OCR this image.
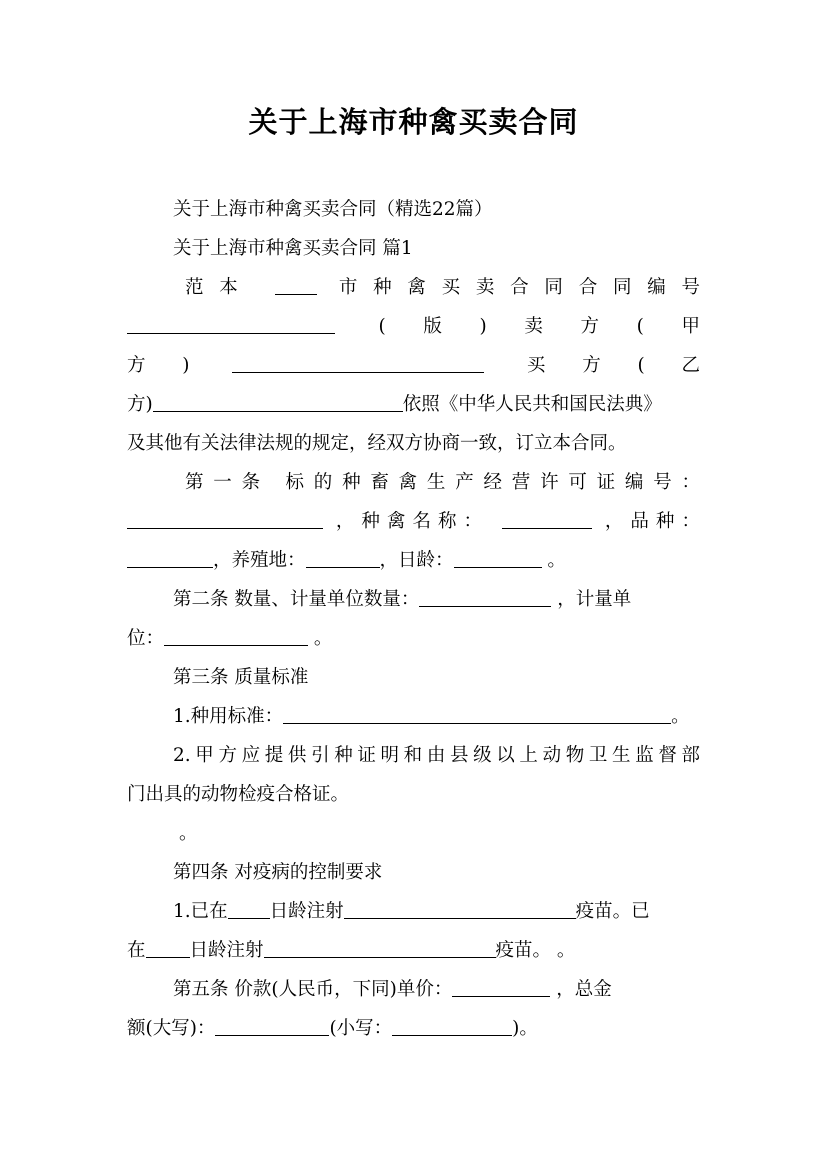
关于上海市种禽买卖合同
关于上海市种禽买卖合同（精选22篇）
关于上海市种禽买卖合同 篇1
范本	市种禽买卖合同合同编号
(版)卖方(甲
方)	买方(乙
方)	依照《中华人民共和国民法典》
及其他有关法律法规的规定，经双方协商一致，订立本合同。
第一条 标的种畜禽生产经营许可证编号：
，种禽名称：	，品种：
，养殖地：	，日龄：	。
第二条 数量、计量单位数量：	，计量单
位：	。
第三条 质量标准
1.种用标准：	。
2.甲方应提供引种证明和由县级以上动物卫生监督部
门出具的动物检疫合格证。
。
第四条 对疫病的控制要求
1.已在 日龄注射	疫苗。已
在 日龄注射	疫苗。 。
第五条 价款(人民币，下同)单价：	，总金
额(大写)：	(小写：	)。
